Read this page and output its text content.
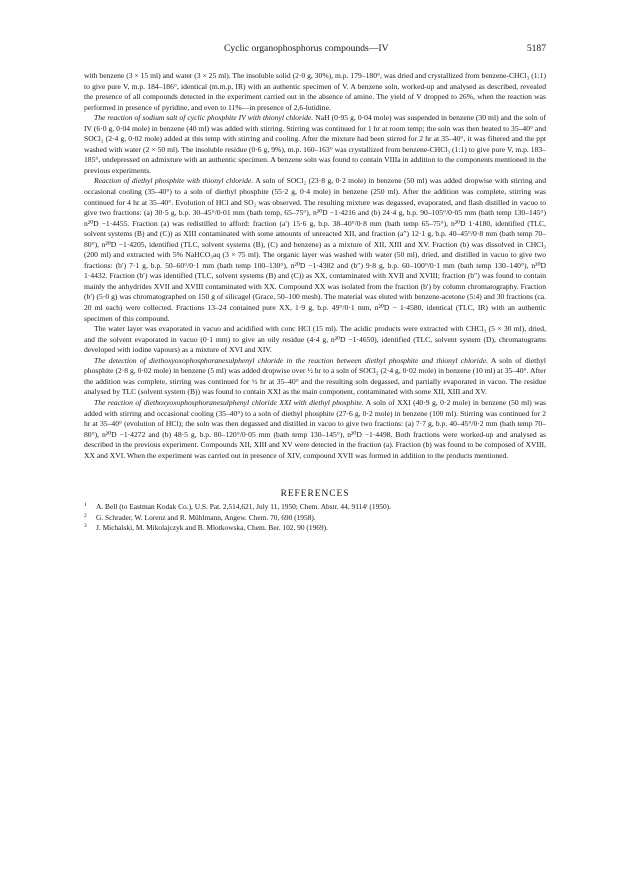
Cyclic organophosphorus compounds—IV	5187

with benzene (3 × 15 ml) and water (3 × 25 ml). The insoluble solid (2·0 g, 30%), m.p. 179–180°, was dried and crystallized from benzene-CHCl₃ (1:1) to give pure V, m.p. 184–186°, identical (m.m.p, IR) with an authentic specimen of V. A benzene soln, worked-up and analysed as described, revealed the presence of all compounds detected in the experiment carried out in the absence of amine. The yield of V dropped to 26%, when the reaction was performed in presence of pyridine, and even to 11%—in presence of 2,6-lutidine.

The reaction of sodium salt of cyclic phosphite IV with thionyl chloride. NaH (0·95 g, 0·04 mole) was suspended in benzene (30 ml) and the soln of IV (6·0 g, 0·04 mole) in benzene (40 ml) was added with stirring. Stirring was continued for 1 hr at room temp; the soln was then heated to 35–40° and SOCl₂ (2·4 g, 0·02 mole) added at this temp with stirring and cooling. After the mixture had been stirred for 2 hr at 35–40°, it was filtered and the ppt washed with water (2 × 50 ml). The insoluble residue (0·6 g, 9%), m.p. 160–163° was crystallized from benzene-CHCl₃ (1:1) to give pure V, m.p. 183–185°, undepressed on admixture with an authentic specimen. A benzene soln was found to contain VIIIa in addition to the components mentioned in the previous experiments.

Reaction of diethyl phosphite with thionyl chloride. A soln of SOCl₂ (23·8 g, 0·2 mole) in benzene (50 ml) was added dropwise with stirring and occasional cooling (35–40°) to a soln of diethyl phosphite (55·2 g, 0·4 mole) in benzene (250 ml). After the addition was complete, stirring was continued for 4 hr at 35–40°. Evolution of HCl and SO₂ was observed. The resulting mixture was degassed, evaporated, and flash distilled in vacuo to give two fractions: (a) 30·5 g, b.p. 30–45°/0·01 mm (bath temp, 65–75°), n²⁰D −1·4216 and (b) 24·4 g, b.p. 90–105°/0·05 mm (bath temp 130–145°) n²⁰D −1·4455. Fraction (a) was redistilled to afford: fraction (a′) 15·6 g, b.p. 38–40°/0·8 mm (bath temp 65–75°), n²⁰D 1·4180, identified (TLC, solvent systems (B) and (C)) as XIII contaminated with some amounts of unreacted XII, and fraction (a″) 12·1 g, b.p. 40–45°/0·8 mm (bath temp 70–80°), n²⁰D −1·4205, identified (TLC, solvent systems (B), (C) and benzene) as a mixture of XII, XIII and XV. Fraction (b) was dissolved in CHCl₃ (200 ml) and extracted with 5% NaHCO₃aq (3 × 75 ml). The organic layer was washed with water (50 ml), dried, and distilled in vacuo to give two fractions: (b′) 7·1 g, b.p. 50–60°/0·1 mm (bath temp 100–130°), n²⁰D −1·4382 and (b″) 9·8 g, b.p. 60–100°/0·1 mm (bath temp 130–140°), n²⁰D 1·4432. Fraction (b′) was identified (TLC, solvent systems (B) and (C)) as XX, contaminated with XVII and XVIII; fraction (b″) was found to contain mainly the anhydrides XVII and XVIII contaminated with XX. Compound XX was isolated from the fraction (b′) by column chromatography. Fraction (b′) (5·0 g) was chromatographed on 150 g of silicagel (Grace, 50–100 mesh). The material was eluted with benzene-acetone (5:4) and 30 fractions (ca. 20 ml each) were collected. Fractions 13–24 contained pure XX, 1·9 g, b.p. 49°/0·1 mm, n²⁰D − 1·4580, identical (TLC, IR) with an authentic specimen of this compound.

The water layer was evaporated in vacuo and acidified with conc HCl (15 ml). The acidic products were extracted with CHCl₃ (5 × 30 ml), dried, and the solvent evaporated in vacuo (0·1 mm) to give an oily residue (4·4 g, n²⁰D −1·4650), identified (TLC, solvent system (D), chromatograms developed with iodine vapours) as a mixture of XVI and XIV.

The detection of diethoxyoxophosphoranesulphenyl chloride in the reaction between diethyl phosphite and thionyl chloride. A soln of diethyl phosphite (2·8 g, 0·02 mole) in benzene (5 ml) was added dropwise over ½ hr to a soln of SOCl₂ (2·4 g, 0·02 mole) in benzene (10 ml) at 35–40°. After the addition was complete, stirring was continued for ½ hr at 35–40° and the resulting soln degassed, and partially evaporated in vacuo. The residue analysed by TLC (solvent system (B)) was found to contain XXI as the main component, contaminated with some XII, XIII and XV.

The reaction of diethoxyoxophosphoranesulphenyl chloride XXI with diethyl phosphite. A soln of XXI (40·9 g, 0·2 mole) in benzene (50 ml) was added with stirring and occasional cooling (35–40°) to a soln of diethyl phosphite (27·6 g, 0·2 mole) in benzene (100 ml). Stirring was continued for 2 hr at 35–40° (evolution of HCl); the soln was then degassed and distilled in vacuo to give two fractions: (a) 7·7 g, b.p. 40–45°/0·2 mm (bath temp 70–80°), n²⁰D −1·4272 and (b) 48·5 g, b.p. 80–120°/0·05 mm (bath temp 130–145°), n²⁰D −1·4498. Both fractions were worked-up and analysed as described in the previous experiment. Compounds XII, XIII and XV were detected in the fraction (a). Fraction (b) was found to be composed of XVIII, XX and XVI. When the experiment was carried out in presence of XIV, compound XVII was formed in addition to the products mentioned.

REFERENCES
1 A. Bell (to Eastman Kodak Co.), U.S. Pat. 2,514,621, July 11, 1950; Chem. Abstr. 44, 9114ᶠ (1950).
2 G. Schrader, W. Lorenz and R. Mühlmann, Angew. Chem. 70, 690 (1958).
3 J. Michalski, M. Mikolajczyk and B. Mlotkowska, Chem. Ber. 102, 90 (1969).
